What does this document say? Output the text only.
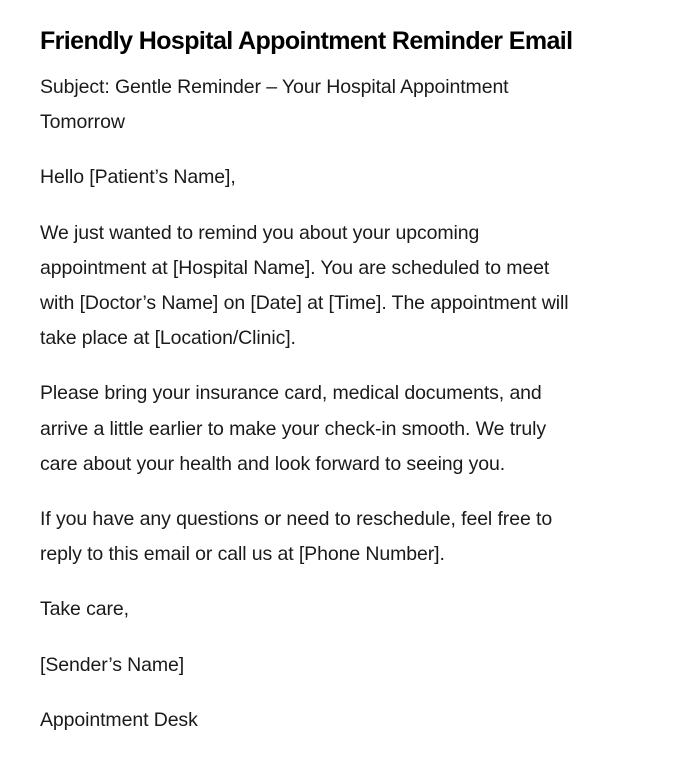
Friendly Hospital Appointment Reminder Email

Subject: Gentle Reminder – Your Hospital Appointment
Tomorrow

Hello [Patient’s Name],

We just wanted to remind you about your upcoming
appointment at [Hospital Name]. You are scheduled to meet
with [Doctor’s Name] on [Date] at [Time]. The appointment will
take place at [Location/Clinic].

Please bring your insurance card, medical documents, and
arrive a little earlier to make your check-in smooth. We truly
care about your health and look forward to seeing you.

If you have any questions or need to reschedule, feel free to
reply to this email or call us at [Phone Number].

Take care,

[Sender’s Name]

Appointment Desk
